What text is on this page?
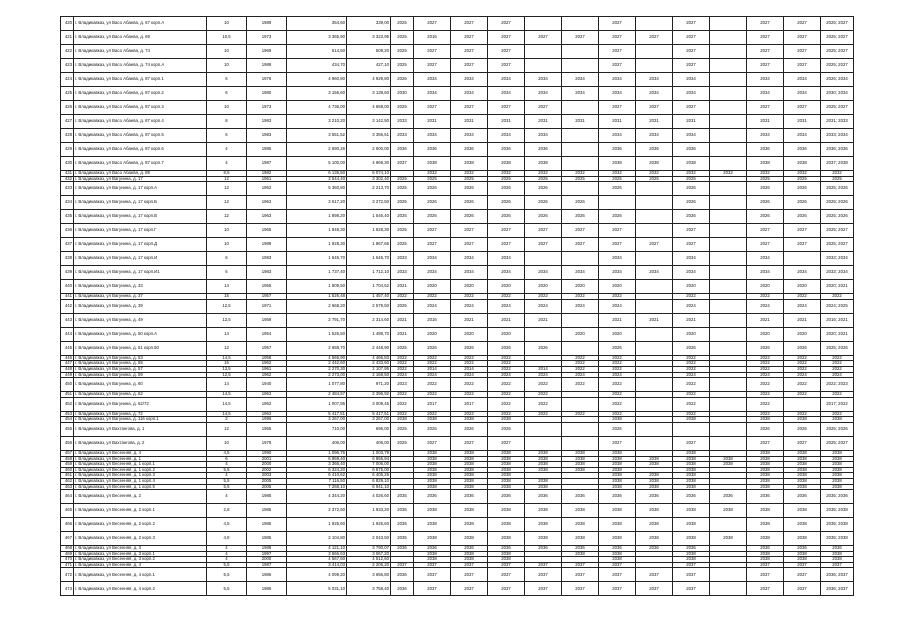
420	г. Владикавказ, ул Васо Абаева, д. 67 корп.А	10	1989	354,60	339,00	2025	2027	2027	2027			2027		2027		2027	2027	2025; 2027
421	г. Владикавказ, ул Васо Абаева, д. 69	10,5	1973	3 365,90	3 323,95	2025	2016	2027	2027	2027	2027	2027	2027	2027		2027	2027	2025; 2027
422	г. Владикавказ, ул Васо Абаева, д. 74	10	1969	514,50	509,20	2025	2027	2027	2027			2027		2027		2027	2027	2025; 2027
423	г. Владикавказ, ул Васо Абаева, д. 74 корп.А	10	1989	434,70	427,10	2025	2027	2027	2027			2027		2027		2027	2027	2025; 2027
424	г. Владикавказ, ул Васо Абаева, д. 87 корп.1	6	1976	4 960,80	4 929,80	2026	2034	2034	2034	2034	2034	2034	2034	2034		2034	2034	2026; 2034
425	г. Владикавказ, ул Васо Абаева, д. 87 корп.2	6	1980	3 156,60	3 139,60	2030	2034	2034	2034	2034	2034	2034	2034	2034		2034	2034	2030; 2034
426	г. Владикавказ, ул Васо Абаева, д. 87 корп.3	10	1973	4 736,00	4 659,00	2025	2027	2027	2027	2027		2027	2027	2027		2027	2027	2025; 2027
427	г. Владикавказ, ул Васо Абаева, д. 87 корп.4	8	1983	3 210,20	3 142,50	2033	2031	2031	2031	2031	2031	2031	2031	2031		2031	2031	2031; 2033
428	г. Владикавказ, ул Васо Абаева, д. 87 корп.5	6	1983	3 551,52	3 356,51	2033	2034	2034	2034	2034		2034	2034	2034		2034	2034	2033; 2034
429	г. Владикавказ, ул Васо Абаева, д. 87 корп.6	4	1985	2 690,26	2 600,00	2036	2036	2036	2036	2036		2036	2036	2036		2036	2036	2036; 2036
430	г. Владикавказ, ул Васо Абаева, д. 87 корп.7	4	1987	5 100,00	4 969,30	2037	2038	2038	2038	2038		2038	2038	2038		2038	2038	2037; 2038
431	г. Владикавказ, ул Васо Абаева, д. 89	8,5	1982	6 136,50	6 074,10		2032	2032	2032	2032	2032	2032	2032	2032	2032	2032	2032	2032
432	г. Владикавказ, ул Вагунина, д. 17	12	1961	3 544,40	3 302,40	2025	2025	2025	2025	2025	2025	2025	2025	2025		2025	2025	2025
433	г. Владикавказ, ул Вагунина, д. 17 корп.А	12	1962	5 360,80	2 213,70	2025	2026	2026	2026	2026		2026		2026		2026	2026	2025; 2026
434	г. Владикавказ, ул Вагунина, д. 17 корп.Б	12	1962	3 517,20	3 272,50	2025	2026	2026	2026	2026	2026			2026		2026	2026	2025; 2026
435	г. Владикавказ, ул Вагунина, д. 17 корп.В	12	1963	1 898,20	1 546,40	2025	2026	2026	2026	2026	2026	2026		2026		2026	2026	2025; 2026
436	г. Владикавказ, ул Вагунина, д. 17 корп.Г	10	1965	1 849,30	1 828,30	2025	2027	2027	2027	2027	2027	2027		2027		2027	2027	2025; 2027
437	г. Владикавказ, ул Вагунина, д. 17 корп.Д	10	1989	1 928,30	1 867,66	2025	2027	2027	2027	2027	2027	2027	2027	2027		2027	2027	2025; 2027
438	г. Владикавказ, ул Вагунина, д. 17 корп.И	6	1983	1 646,70	1 646,70	2033	2034	2034	2034			2034		2034		2034		2033; 2034
439	г. Владикавказ, ул Вагунина, д. 17 корп.И1	6	1983	1 737,40	1 712,10	2033	2034	2034	2034	2034	2034	2034	2034	2034		2034	2034	2033; 2034
440	г. Владикавказ, ул Вагунина, д. 33	14	1955	1 809,50	1 704,62	2021	2020	2020	2020	2020	2020	2020		2020		2020	2020	2020; 2021
441	г. Владикавказ, ул Вагунина, д. 37	15	1957	1 526,48	1 457,40	2022	2022	2022	2022	2022	2022	2022		2022		2022	2022	2022
442	г. Владикавказ, ул Вагунина, д. 39	12,5	1971	2 668,20	2 579,50	2025	2024	2024	2024	2024	2024	2024		2024		2024	2024	2024; 2025
443	г. Владикавказ, ул Вагунина, д. 49	12,5	1959	2 791,70	2 314,60	2021	2016	2021	2021	2021		2021	2021	2021		2021	2021	2016; 2021
444	г. Владикавказ, ул Вагунина, д. 50 корп.А	14	1954	1 526,50	1 489,70	2021	2020	2020	2020		2020	2020		2020		2020	2020	2020; 2021
445	г. Владикавказ, ул Вагунина, д. 51 корп.50	12	1957	2 658,70	2 448,90	2025	2026	2026	2026	2026		2026		2026		2026	2026	2025; 2026
446	г. Владикавказ, ул Вагунина, д. 53	14,5	1958	4 566,90	4 466,83	2022	2022	2022	2022		2022	2022		2022		2022	2022	2022
447	г. Владикавказ, ул Вагунина, д. 55	15	1962	2 442,60	2 433,60	2022	2022	2022	2022		2022	2022		2022		2022	2022	2022
448	г. Владикавказ, ул Вагунина, д. 57	13,5	1961	2 270,30	2 107,95	2022	2014	2014	2022	2014	2022	2022		2022		2022	2022	2022
449	г. Владикавказ, ул Вагунина, д. 59	12,5	1962	2 273,00	2 168,50	2024	2024	2024	2024	2024	2024	2024		2024		2024	2024	2024
450	г. Владикавказ, ул Вагунина, д. 60	14	1940	1 077,80	971,20	2023	2022	2022	2022	2022	2022	2022		2022		2022	2022	2022; 2023
451	г. Владикавказ, ул Вагунина, д. 62	14,5	1962	2 484,57	2 396,92	2022	2022	2022	2022	2022		2022		2022		2022	2022	2022
452	г. Владикавказ, ул Вагунина, д. 62/72	14,5	1962	1 007,86	3 009,45	2022	2017	2017	2022	2022		2022		2022		2022		2017; 2022
453	г. Владикавказ, ул Вагунина, д. 72	14,5	1962	5 417,51	5 417,51	2022	2022	2022	2022	2022	2022	2022		2022		2022	2022	2022
454	г. Владикавказ, ул Вагунина, д. 116 корп.1	2	1996	3 267,00	3 267,00	2038	2038	2038	2038			2038		2038		2038	2038	2038
455	г. Владикавказ, ул Вахтангова, д. 1	12	1955	710,00	696,00	2025	2026	2026	2026			2026				2026	2026	2025; 2026
456	г. Владикавказ, ул Вахтангова, д. 2	10	1979	406,00	406,00	2025	2027	2027	2027			2027		2027		2027	2027	2025; 2027
457	г. Владикавказ, ул Весенняя, д. 4	4,5	1990	1 096,76	1 003,79		2038	2038	2038	2038	2038	2038		2038		2038	2038	2038
458	г. Владикавказ, ул Весенняя, д. 1	6	2001	6 859,40	6 856,94		2038	2038	2038	2038	2038	2038	2038	2038	2038	2038	2038	2038
459	г. Владикавказ, ул Весенняя, д. 1 корп.1	4	2000	3 366,40	7 006,00		2038	2038	2038	2038	2038	2038	2038	2038	2038	2038	2038	2038
460	г. Владикавказ, ул Весенняя, д. 1 корп.2	5,5	2002	6 324,20	6 875,00		2038	2038	2038	2038	2038	2038		2038		2038	2038	2038
461	г. Владикавказ, ул Весенняя, д. 1 корп.3	4	2003	6 410,62	6 405,26		2038	2038	2038			2038	2038	2038		2038	2038	2038
462	г. Владикавказ, ул Весенняя, д. 1 корп.4	5,5	2005	7 116,50	6 829,10		2038	2038	2038	2038		2038	2038	2038		2038	2038	2038
463	г. Владикавказ, ул Весенняя, д. 1 корп.5	5,5	2005	7 268,10	6 941,10		2038	2038	2038	2038		2038	2038	2038		2038	2038	2038
464	г. Владикавказ, ул Весенняя, д. 2	4	1985	4 344,20	4 026,60	2035	2036	2036	2036	2036	2036	2036	2036	2036	2036	2036	2036	2035; 2036
465	г. Владикавказ, ул Весенняя, д. 2 корп.1	2,8	1985	2 372,60	1 933,20	2035	2038	2038	2038	2038	2038	2038	2038	2038	2038	2038	2038	2035; 2038
466	г. Владикавказ, ул Весенняя, д. 2 корп.2	4,5	1985	1 926,60	1 926,60	2035	2038	2038	2038	2038	2038	2038	2038	2038		2038	2038	2035; 2038
467	г. Владикавказ, ул Весенняя, д. 2 корп.3	4,8	1985	2 104,80	2 043,50	2035	2038	2038	2038	2038	2038	2038	2038	2038	2038	2038	2038	2035; 2038
468	г. Владикавказ, ул Весенняя, д. 3	4	1989	4 121,10	3 790,07	2036	2036	2036	2036	2036	2036	2036	2036	2036		2036	2036	2036
469	г. Владикавказ, ул Весенняя, д. 3 корп.1	4	1997	3 566,63	3 067,20		2038	2038	2038		2038	2038		2038		2038	2038	2038
470	г. Владикавказ, ул Весенняя, д. 3 корп.2	4	2000	4 567,60	4 512,60		2038	2038	2038			2038		2038		2038	2038	2038
471	г. Владикавказ, ул Весенняя, д. 4	5,5	1987	3 414,03	2 206,20	2037	2037	2037	2037	2037	2037	2037		2037		2037	2037	2037
472	г. Владикавказ, ул Весенняя, д. 4 корп.1	5,5	1986	4 099,20	3 656,80	2036	2037	2037	2037	2037	2037	2037	2037	2037		2037	2037	2036; 2037
473	г. Владикавказ, ул Весенняя, д. 4 корп.2	5,5	1986	5 031,10	3 758,40	2036	2037	2037	2037	2037	2037	2037	2037	2037		2037	2037	2036; 2037
